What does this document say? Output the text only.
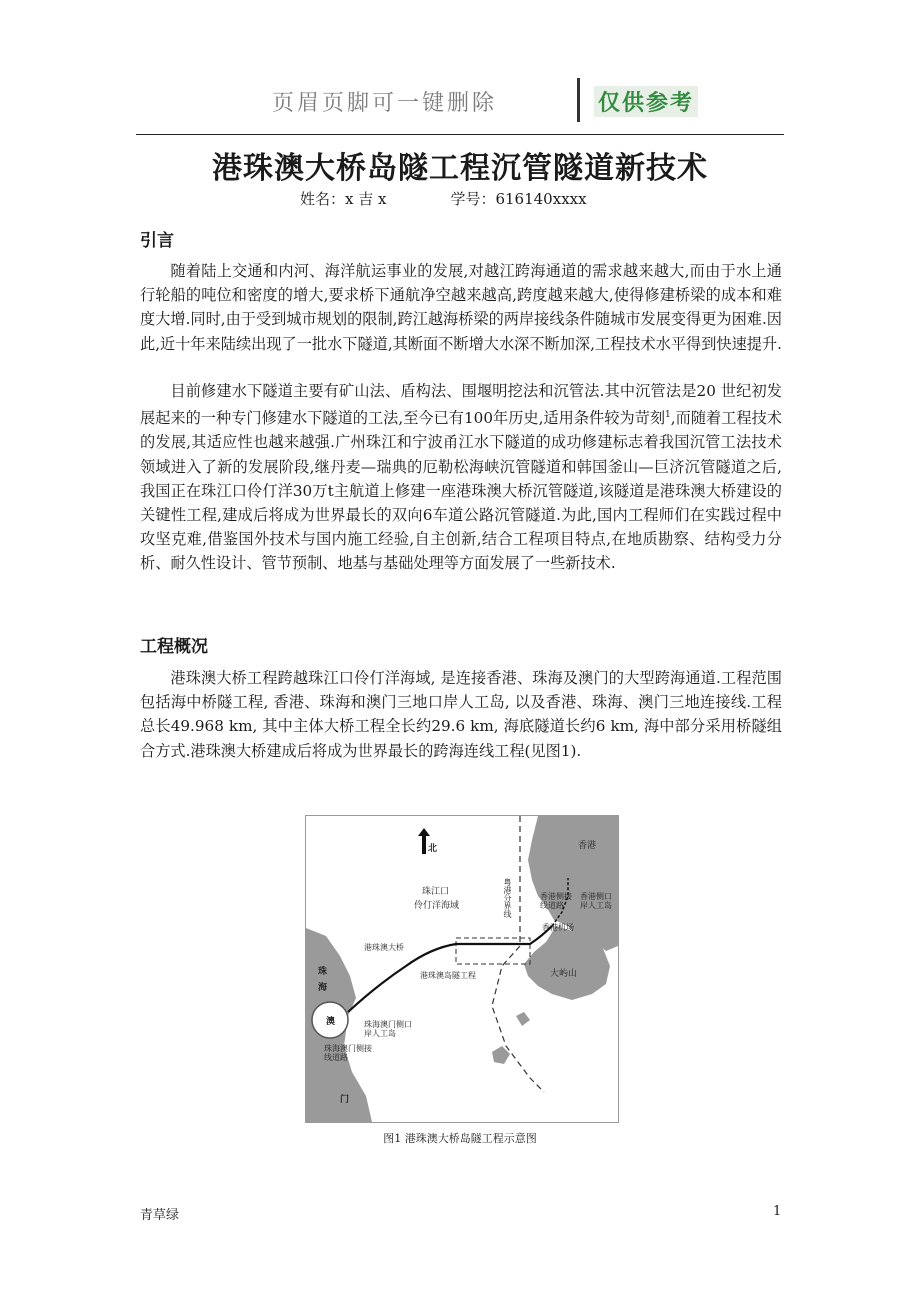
页眉页脚可一键删除	仅供参考
港珠澳大桥岛隧工程沉管隧道新技术
姓名：x 吉 x	学号：616140xxxx
引言

随着陆上交通和内河、海洋航运事业的发展,对越江跨海通道的需求越来越大,而由于水上通行轮船的吨位和密度的增大,要求桥下通航净空越来越高,跨度越来越大,使得修建桥梁的成本和难度大增.同时,由于受到城市规划的限制,跨江越海桥梁的两岸接线条件随城市发展变得更为困难.因此,近十年来陆续出现了一批水下隧道,其断面不断增大水深不断加深,工程技术水平得到快速提升.

目前修建水下隧道主要有矿山法、盾构法、围堰明挖法和沉管法.其中沉管法是20 世纪初发展起来的一种专门修建水下隧道的工法,至今已有100年历史,适用条件较为苛刻$^1$,而随着工程技术的发展,其适应性也越来越强.广州珠江和宁波甬江水下隧道的成功修建标志着我国沉管工法技术领域进入了新的发展阶段,继丹麦—瑞典的厄勒松海峡沉管隧道和韩国釜山—巨济沉管隧道之后,我国正在珠江口伶仃洋30万t主航道上修建一座港珠澳大桥沉管隧道,该隧道是港珠澳大桥建设的关键性工程,建成后将成为世界最长的双向6车道公路沉管隧道.为此,国内工程师们在实践过程中攻坚克难,借鉴国外技术与国内施工经验,自主创新,结合工程项目特点,在地质勘察、结构受力分析、耐久性设计、管节预制、地基与基础处理等方面发展了一些新技术.

工程概况

港珠澳大桥工程跨越珠江口伶仃洋海域, 是连接香港、珠海及澳门的大型跨海通道.工程范围包括海中桥隧工程, 香港、珠海和澳门三地口岸人工岛, 以及香港、珠海、澳门三地连接线.工程总长49.968 km, 其中主体大桥工程全长约29.6 km, 海底隧道长约6 km, 海中部分采用桥隧组合方式.港珠澳大桥建成后将成为世界最长的跨海连线工程(见图1).

北	香港
珠江口
伶仃洋海域	粤港分界线	香港侧接线道路
香港侧口岸人工岛
香港机场
港珠澳大桥
港珠澳岛隧工程	大屿山
珠
海
澳
门
珠海澳门侧口岸人工岛
珠海澳门侧接线道路
图1 港珠澳大桥岛隧工程示意图
青草绿	1
